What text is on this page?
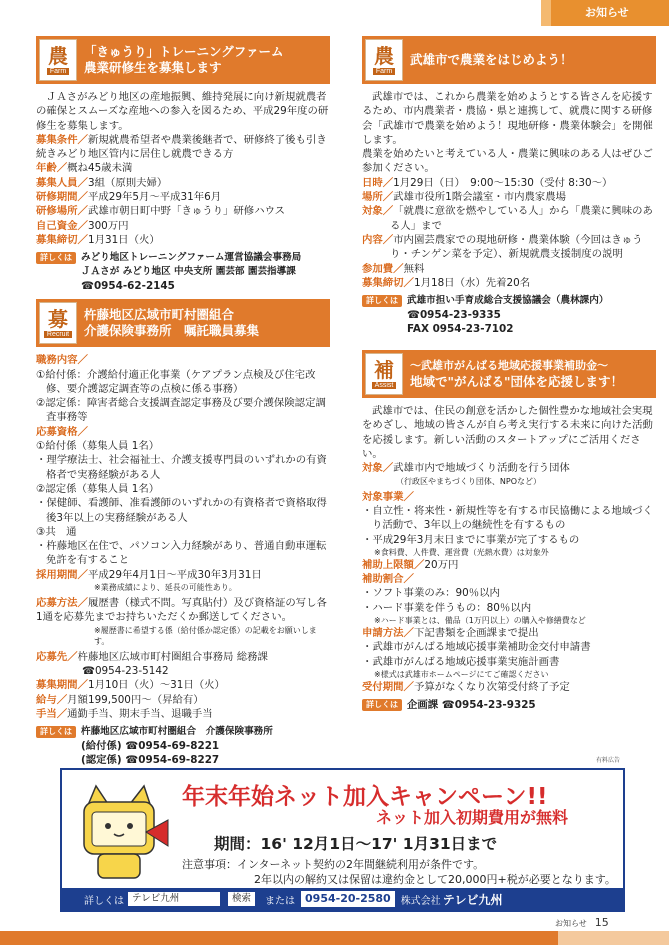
お知らせ
農
Farm
「きゅうり」トレーニングファーム
農業研修生を募集します

ＪＡさがみどり地区の産地振興、維持発展に向け新規就農者の確保とスムーズな産地への参入を図るため、平成29年度の研修生を募集します。

募集条件／新規就農希望者や農業後継者で、研修終了後も引き続きみどり地区管内に居住し就農できる方

年齢／概ね45歳未満

募集人員／3組（原則夫婦）

研修期間／平成29年5月～平成31年6月

研修場所／武雄市朝日町中野「きゅうり」研修ハウス

自己資金／300万円

募集締切／1月31日（火）

詳しくは みどり地区トレーニングファーム運営協議会事務局
ＪＡさが みどり地区 中央支所 園芸部 園芸指導課
☎0954-62-2145
募
Recruit
杵藤地区広域市町村圏組合
介護保険事務所　嘱託職員募集

職務内容／

①給付係：介護給付適正化事業（ケアプラン点検及び住宅改修、要介護認定調査等の点検に係る事務）

②認定係：障害者総合支援調査認定事務及び要介護保険認定調査事務等

応募資格／

①給付係（募集人員 1名）

・理学療法士、社会福祉士、介護支援専門員のいずれかの有資格者で実務経験がある人

②認定係（募集人員 1名）

・保健師、看護師、准看護師のいずれかの有資格者で資格取得後3年以上の実務経験がある人

③共　通

・杵藤地区在住で、パソコン入力経験があり、普通自動車運転免許を有すること

採用期間／平成29年4月1日～平成30年3月31日

※業務成績により、延長の可能性あり。

応募方法／履歴書（様式不問。写真貼付）及び資格証の写し各1通を応募先までお持ちいただくか郵送してください。

※履歴書に希望する係（給付係か認定係）の記載をお願いします。

応募先／杵藤地区広域市町村圏組合事務局 総務課

☎0954-23-5142

募集期間／1月10日（火）～31日（火）

給与／月額199,500円～（昇給有）

手当／通勤手当、期末手当、退職手当

詳しくは 杵藤地区広域市町村圏組合　介護保険事務所
(給付係) ☎0954-69-8221
(認定係) ☎0954-69-8227
農
Farm
武雄市で農業をはじめよう！

武雄市では、これから農業を始めようとする皆さんを応援するため、市内農業者・農協・県と連携して、就農に関する研修会「武雄市で農業を始めよう！現地研修・農業体験会」を開催します。

農業を始めたいと考えている人・農業に興味のある人はぜひご参加ください。

日時／1月29日（日）　9:00～15:30（受付 8:30～）

場所／武雄市役所1階会議室・市内農家農場

対象／「就農に意欲を燃やしている人」から「農業に興味のある人」まで

内容／市内園芸農家での現地研修・農業体験（今回はきゅうり・チンゲン菜を予定）、新規就農支援制度の説明

参加費／無料

募集締切／1月18日（水）先着20名

詳しくは 武雄市担い手育成総合支援協議会（農林課内）
☎0954-23-9335
FAX 0954-23-7102
補
Assist
～武雄市がんばる地域応援事業補助金～
地域で"がんばる"団体を応援します！

武雄市では、住民の創意を活かした個性豊かな地域社会実現をめざし、地域の皆さんが自ら考え実行する未来に向けた活動を応援します。新しい活動のスタートアップにご活用ください。

対象／武雄市内で地域づくり活動を行う団体

（行政区やまちづくり団体、NPOなど）

対象事業／

・自立性・将来性・新規性等を有する市民協働による地域づくり活動で、3年以上の継続性を有するもの

・平成29年3月末日までに事業が完了するもの

※食料費、人件費、運営費（光熱水費）は対象外

補助上限額／20万円

補助割合／

・ソフト事業のみ：90％以内

・ハード事業を伴うもの：80％以内

※ハード事業とは、備品（1万円以上）の購入や修繕費など

申請方法／下記書類を企画課まで提出

・武雄市がんばる地域応援事業補助金交付申請書

・武雄市がんばる地域応援事業実施計画書

※様式は武雄市ホームページにてご確認ください

受付期間／予算がなくなり次第受付終了予定

詳しくは 企画課 ☎0954-23-9325
有料広告
年末年始ネット加入キャンペーン!!
ネット加入初期費用が無料
期間：16' 12月1日～17' 1月31日まで
注意事項：インターネット契約の2年間継続利用が条件です。
2年以内の解約又は保留は違約金として20,000円+税が必要となります。
詳しくは テレビ九州	検索	または 0954-20-2580	株式会社 テレビ九州
お知らせ 15
